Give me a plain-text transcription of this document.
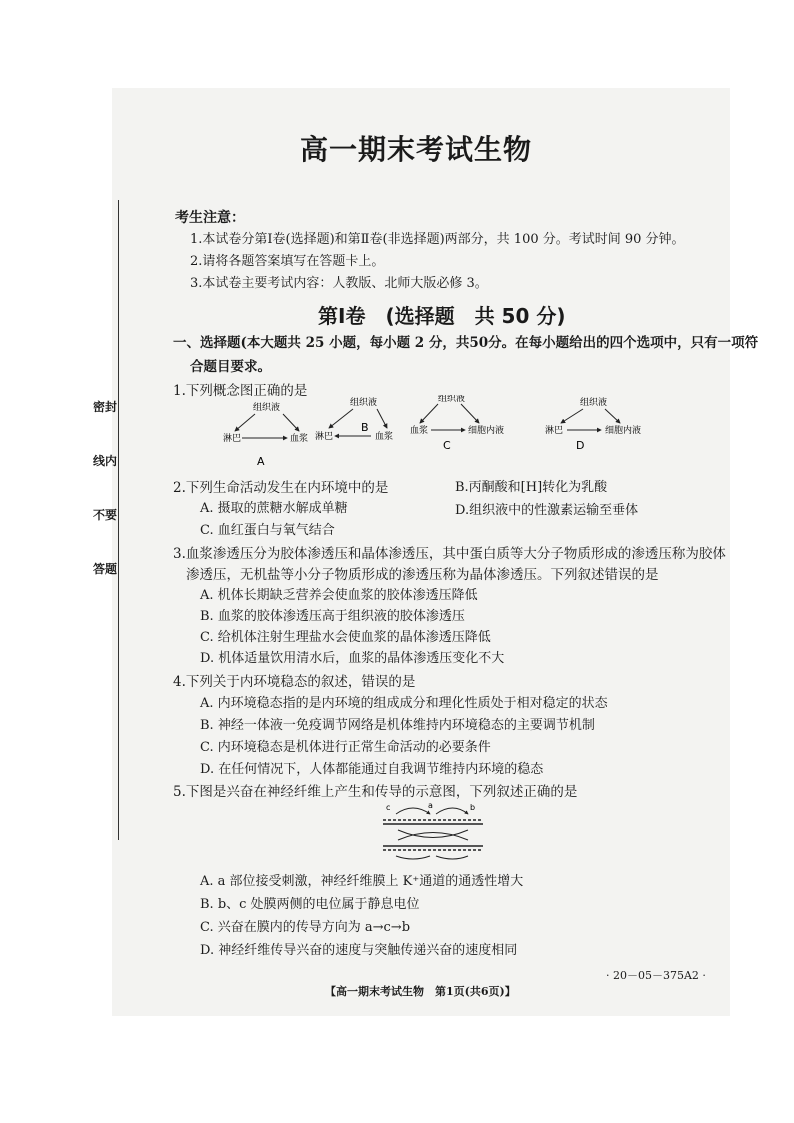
密封线内不要答题
高一期末考试生物
考生注意：
1.本试卷分第Ⅰ卷(选择题)和第Ⅱ卷(非选择题)两部分，共 100 分。考试时间 90 分钟。
2.请将各题答案填写在答题卡上。
3.本试卷主要考试内容：人教版、北师大版必修 3。
第Ⅰ卷　(选择题　共 50 分)
一、选择题(本大题共 25 小题，每小题 2 分，共50分。在每小题给出的四个选项中，只有一项符
合题目要求。
1.下列概念图正确的是
组织液
淋巴	血浆
A
组织液
淋巴	血浆
B
组织液
血浆	细胞内液
C
组织液
淋巴	细胞内液
D
2.下列生命活动发生在内环境中的是
A. 摄取的蔗糖水解成单糖
B.丙酮酸和[H]转化为乳酸
C. 血红蛋白与氧气结合
D.组织液中的性激素运输至垂体
3.血浆渗透压分为胶体渗透压和晶体渗透压，其中蛋白质等大分子物质形成的渗透压称为胶体
渗透压，无机盐等小分子物质形成的渗透压称为晶体渗透压。下列叙述错误的是
A. 机体长期缺乏营养会使血浆的胶体渗透压降低
B. 血浆的胶体渗透压高于组织液的胶体渗透压
C. 给机体注射生理盐水会使血浆的晶体渗透压降低
D. 机体适量饮用清水后，血浆的晶体渗透压变化不大
4.下列关于内环境稳态的叙述，错误的是
A. 内环境稳态指的是内环境的组成成分和理化性质处于相对稳定的状态
B. 神经一体液一免疫调节网络是机体维持内环境稳态的主要调节机制
C. 内环境稳态是机体进行正常生命活动的必要条件
D. 在任何情况下，人体都能通过自我调节维持内环境的稳态
5.下图是兴奋在神经纤维上产生和传导的示意图，下列叙述正确的是
c	a	b
A. a 部位接受刺激，神经纤维膜上 K⁺通道的通透性增大
B. b、c 处膜两侧的电位属于静息电位
C. 兴奋在膜内的传导方向为 a→c→b
D. 神经纤维传导兴奋的速度与突触传递兴奋的速度相同
【高一期末考试生物　第1页(共6页)】
· 20－05－375A2 ·
